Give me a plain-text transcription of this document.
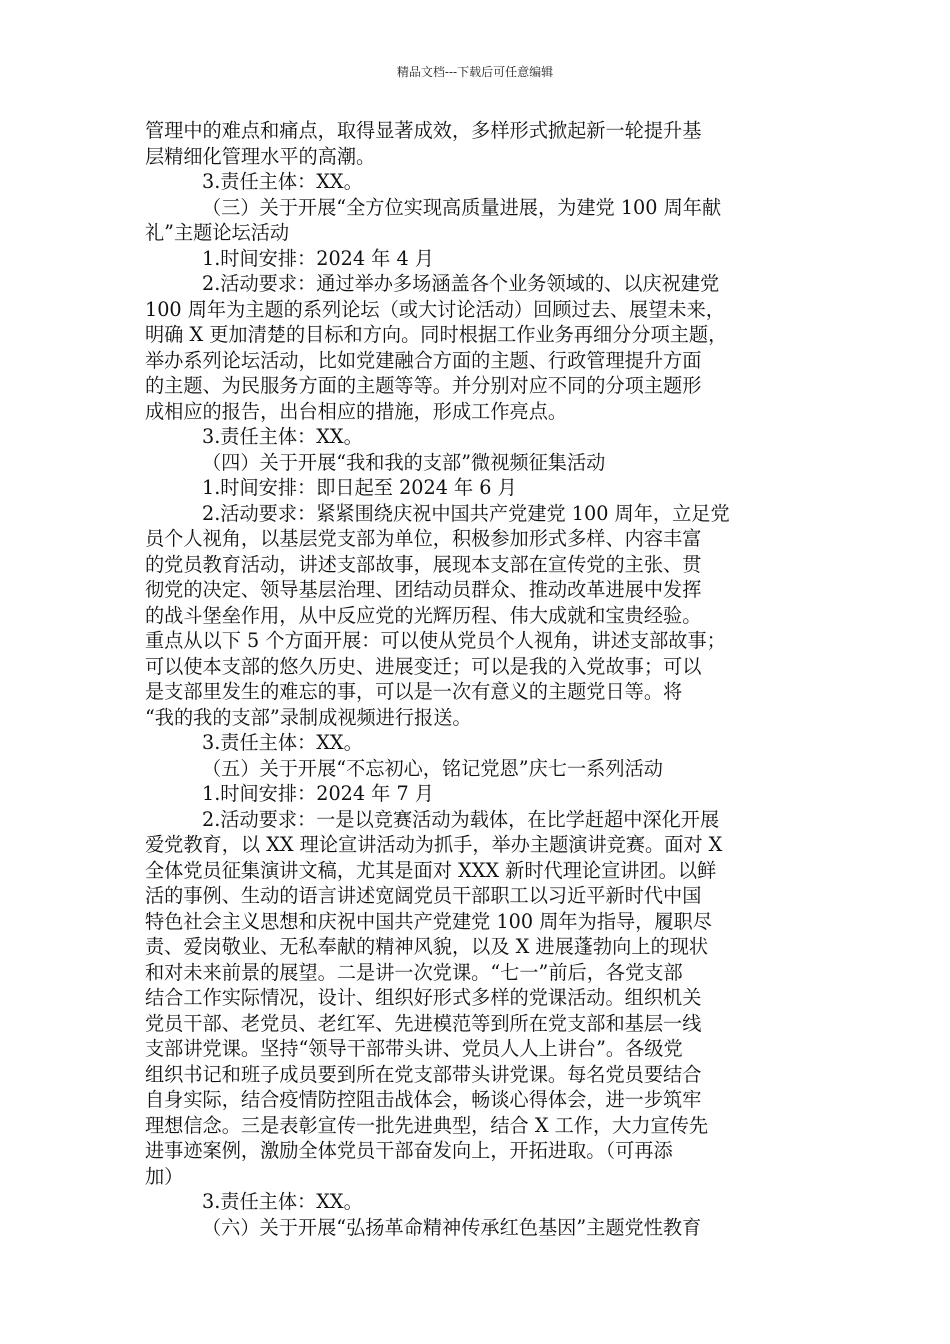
精品文档---下载后可任意编辑
管理中的难点和痛点，取得显著成效，多样形式掀起新一轮提升基
层精细化管理水平的高潮。
3.责任主体：XX。
（三）关于开展“全方位实现高质量进展，为建党 100 周年献
礼”主题论坛活动
1.时间安排：2024 年 4 月
2.活动要求：通过举办多场涵盖各个业务领域的、以庆祝建党
100 周年为主题的系列论坛（或大讨论活动）回顾过去、展望未来，
明确 X 更加清楚的目标和方向。同时根据工作业务再细分分项主题，
举办系列论坛活动，比如党建融合方面的主题、行政管理提升方面
的主题、为民服务方面的主题等等。并分别对应不同的分项主题形
成相应的报告，出台相应的措施，形成工作亮点。
3.责任主体：XX。
（四）关于开展“我和我的支部”微视频征集活动
1.时间安排：即日起至 2024 年 6 月
2.活动要求：紧紧围绕庆祝中国共产党建党 100 周年，立足党
员个人视角，以基层党支部为单位，积极参加形式多样、内容丰富
的党员教育活动，讲述支部故事，展现本支部在宣传党的主张、贯
彻党的决定、领导基层治理、团结动员群众、推动改革进展中发挥
的战斗堡垒作用，从中反应党的光辉历程、伟大成就和宝贵经验。
重点从以下 5 个方面开展：可以使从党员个人视角，讲述支部故事；
可以使本支部的悠久历史、进展变迁；可以是我的入党故事；可以
是支部里发生的难忘的事，可以是一次有意义的主题党日等。将
“我的我的支部”录制成视频进行报送。
3.责任主体：XX。
（五）关于开展“不忘初心，铭记党恩”庆七一系列活动
1.时间安排：2024 年 7 月
2.活动要求：一是以竞赛活动为载体，在比学赶超中深化开展
爱党教育，以 XX 理论宣讲活动为抓手，举办主题演讲竞赛。面对 X
全体党员征集演讲文稿，尤其是面对 XXX 新时代理论宣讲团。以鲜
活的事例、生动的语言讲述宽阔党员干部职工以习近平新时代中国
特色社会主义思想和庆祝中国共产党建党 100 周年为指导，履职尽
责、爱岗敬业、无私奉献的精神风貌，以及 X 进展蓬勃向上的现状
和对未来前景的展望。二是讲一次党课。“七一”前后，各党支部
结合工作实际情况，设计、组织好形式多样的党课活动。组织机关
党员干部、老党员、老红军、先进模范等到所在党支部和基层一线
支部讲党课。坚持“领导干部带头讲、党员人人上讲台”。各级党
组织书记和班子成员要到所在党支部带头讲党课。每名党员要结合
自身实际，结合疫情防控阻击战体会，畅谈心得体会，进一步筑牢
理想信念。三是表彰宣传一批先进典型，结合 X 工作，大力宣传先
进事迹案例，激励全体党员干部奋发向上，开拓进取。（可再添
加）
3.责任主体：XX。
（六）关于开展“弘扬革命精神传承红色基因”主题党性教育
